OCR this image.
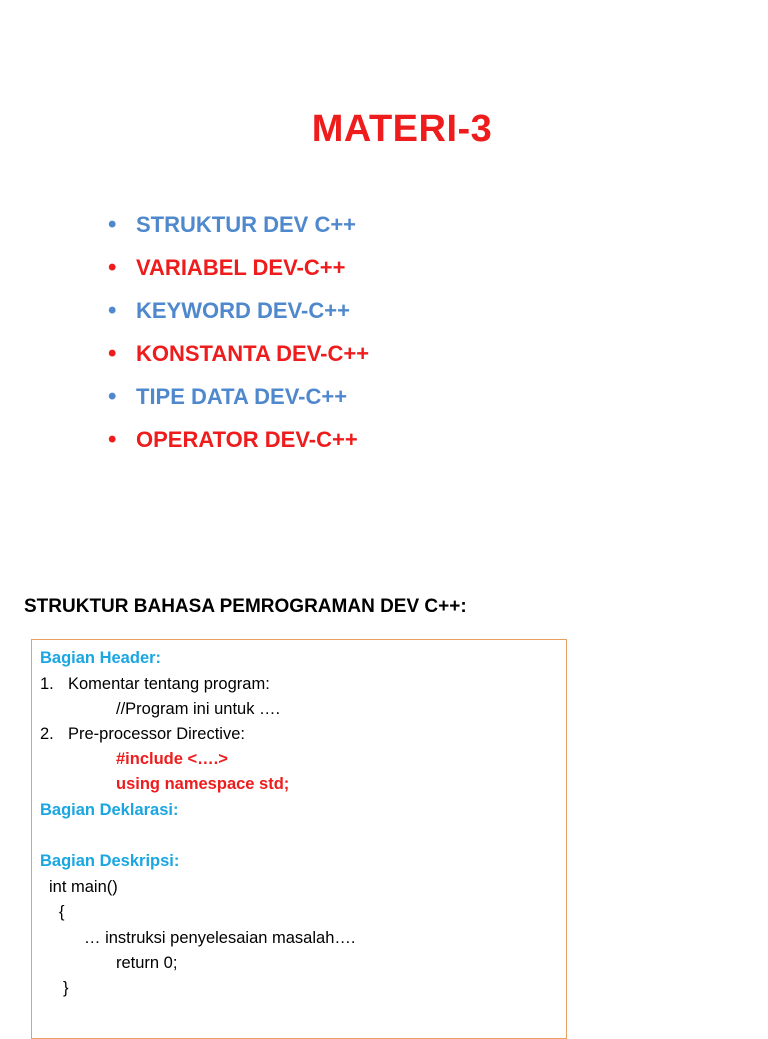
MATERI-3
• STRUKTUR DEV C++
• VARIABEL DEV-C++
• KEYWORD DEV-C++
• KONSTANTA DEV-C++
• TIPE DATA DEV-C++
• OPERATOR DEV-C++
STRUKTUR BAHASA PEMROGRAMAN DEV C++:
Bagian Header:
1. Komentar tentang program:
//Program ini untuk ….
2. Pre-processor Directive:
#include <….>
using namespace std;
Bagian Deklarasi:
Bagian Deskripsi:
int main()
{
… instruksi penyelesaian masalah….
return 0;
}
